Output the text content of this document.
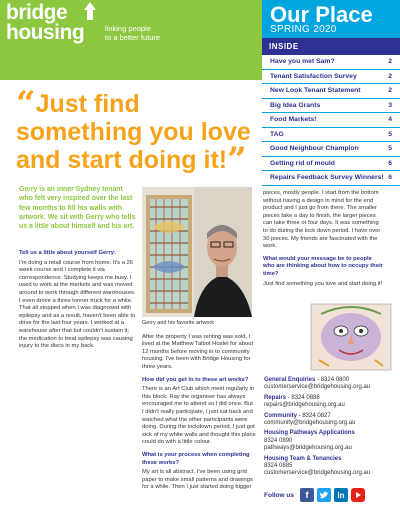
bridge
housing	linking people
to a better future
Our Place
SPRING 2020
INSIDE
Have you met Sam?	2
Tenant Satisfaction Survey	2
New Look Tenant Statement	2
Big Idea Grants	3
Food Markets!	4
TAG	5
Good Neighbour Champion	5
Getting rid of mould	6
Repairs Feedback Survey Winners! 6
“Just find something you love and start doing it!”
Gerry is an inner Sydney tenant who felt very inspired over the last few months to fill his walls with artwork. We sit with Gerry who tells us a little about himself and his art.
Tell us a little about yourself Gerry:
I'm doing a retail course from home. It's a 26 week course and I complete it via correspondence. Studying keeps me busy. I used to work at the markets and was moved around to work through different warehouses. I even drove a three tonner truck for a while. That all stopped when I was diagnosed with epilepsy and as a result, haven't been able to drive for the last four years. I worked at a warehouse after that but couldn't sustain it; the medication to treat epilepsy was causing injury to the discs in my back.
Gerry and his favorite artwork
After the property I was renting was sold, I lived at the Matthew Talbot Hostel for about 12 months before moving in to community housing. I've been with Bridge Housing for three years.
How did you get in to these art works?
There is an Art Club which meet regularly in this block. Ray the organiser has always encouraged me to attend so I did once. But I didn't really participate, I just sat back and watched what the other participants were doing. During the lockdown period, I just got sick of my white walls and thought this place could do with a little colour.
What is your process when completing these works?
My art is all abstract. I've been using grid paper to make small patterns and drawings for a while. Then I just started doing bigger
pieces, mostly people. I start from the bottom without having a design in mind for the end product and I just go from there. The smaller pieces take a day to finish, the larger pieces can take three or four days. It was something to do during the lock down period. I have over 30 pieces. My friends are fascinated with the work.
What would your message be to people who are thinking about how to occupy their time?
Just find something you love and start doing it!
General Enquiries - 8324 0800
customerservice@bridgehousing.org.au
Repairs - 8324 0886
repairs@bridgehousing.org.au
Community - 8324 0827
community@bridgehousing.org.au
Housing Pathways Applications
8324 0890
pathways@bridgehousing.org.au
Housing Team & Tenancies
8324 0885
customerservice@bridgehousing.org.au
Follow us	f	in
